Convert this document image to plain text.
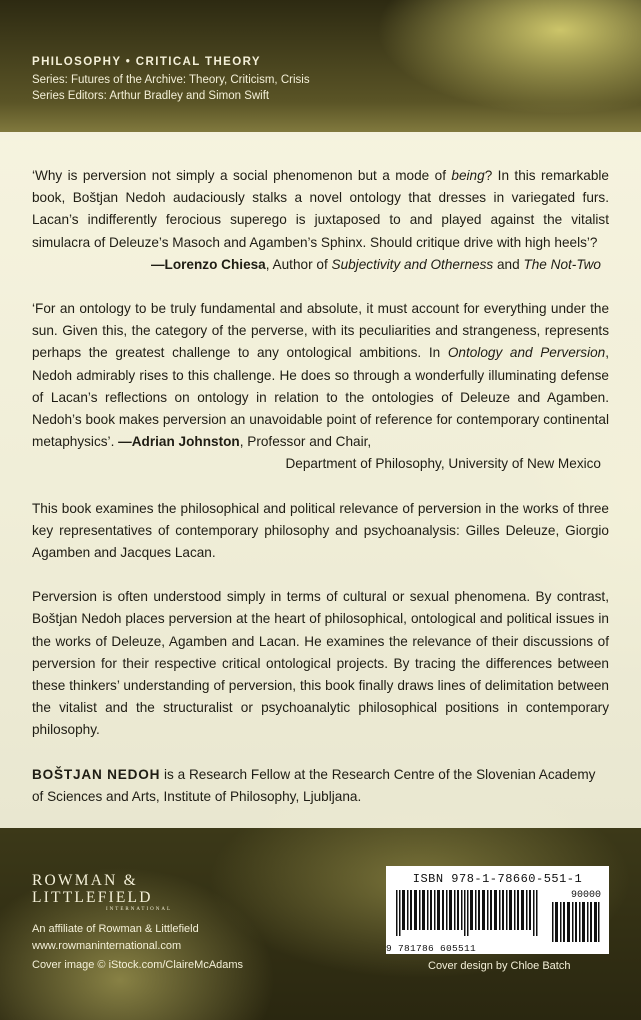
PHILOSOPHY • CRITICAL THEORY
Series: Futures of the Archive: Theory, Criticism, Crisis
Series Editors: Arthur Bradley and Simon Swift

‘Why is perversion not simply a social phenomenon but a mode of being? In this remarkable book, Boštjan Nedoh audaciously stalks a novel ontology that dresses in variegated furs. Lacan’s indifferently ferocious superego is juxtaposed to and played against the vitalist simulacra of Deleuze’s Masoch and Agamben’s Sphinx. Should critique drive with high heels’?

—Lorenzo Chiesa, Author of Subjectivity and Otherness and The Not-Two

‘For an ontology to be truly fundamental and absolute, it must account for everything under the sun. Given this, the category of the perverse, with its peculiarities and strangeness, represents perhaps the greatest challenge to any ontological ambitions. In Ontology and Perversion, Nedoh admirably rises to this challenge. He does so through a wonderfully illuminating defense of Lacan’s reflections on ontology in relation to the ontologies of Deleuze and Agamben. Nedoh’s book makes perversion an unavoidable point of reference for contemporary continental metaphysics’. —Adrian Johnston, Professor and Chair,

Department of Philosophy, University of New Mexico

This book examines the philosophical and political relevance of perversion in the works of three key representatives of contemporary philosophy and psychoanalysis: Gilles Deleuze, Giorgio Agamben and Jacques Lacan.

Perversion is often understood simply in terms of cultural or sexual phenomena. By contrast, Boštjan Nedoh places perversion at the heart of philosophical, ontological and political issues in the works of Deleuze, Agamben and Lacan. He examines the relevance of their discussions of perversion for their respective critical ontological projects. By tracing the differences between these thinkers’ understanding of perversion, this book finally draws lines of delimitation between the vitalist and the structuralist or psychoanalytic philosophical positions in contemporary philosophy.

BOŠTJAN NEDOH is a Research Fellow at the Research Centre of the Slovenian Academy of Sciences and Arts, Institute of Philosophy, Ljubljana.

ROWMAN &
LITTLEFIELD
INTERNATIONAL
An affiliate of Rowman & Littlefield
www.rowmaninternational.com
Cover image © iStock.com/ClaireMcAdams
ISBN 978-1-78660-551-1
90000
9 781786 605511
Cover design by Chloe Batch
